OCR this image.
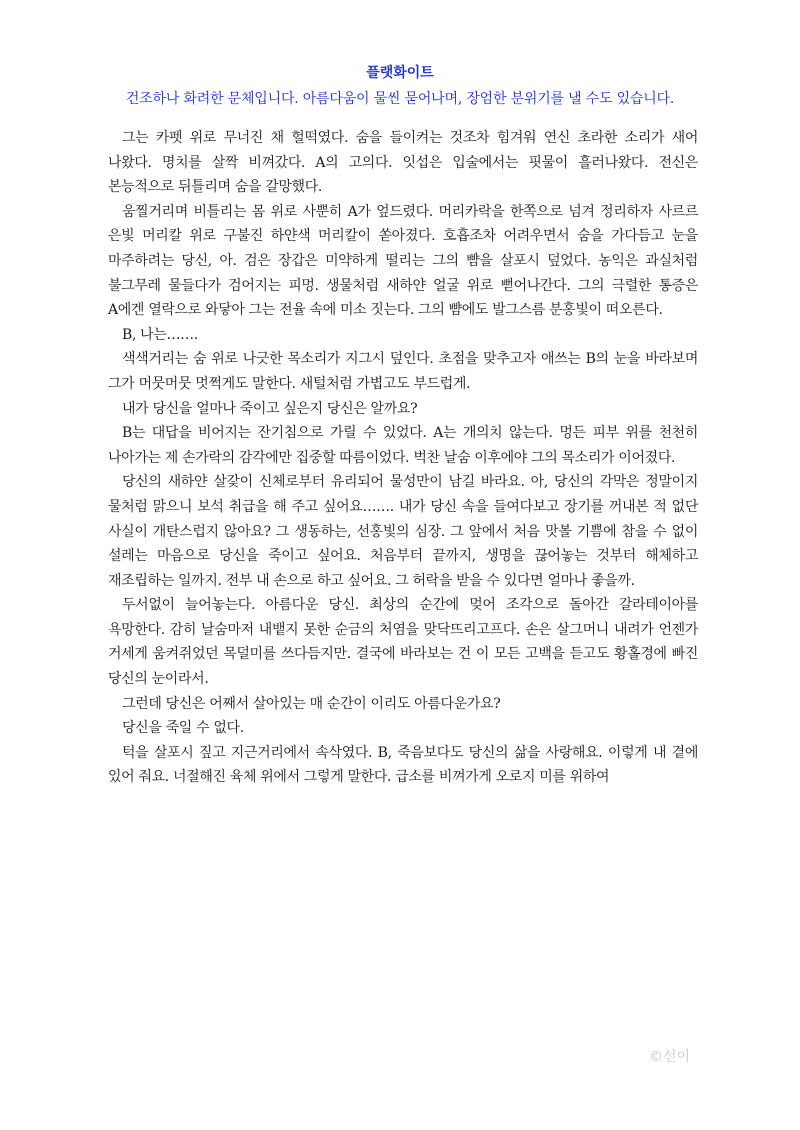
플랫화이트
건조하나 화려한 문체입니다. 아름다움이 물씬 묻어나며, 장엄한 분위기를 낼 수도 있습니다.

그는 카펫 위로 무너진 채 헐떡였다. 숨을 들이켜는 것조차 힘겨워 연신 초라한 소리가 새어 나왔다. 명치를 살짝 비껴갔다. A의 고의다. 잇섭은 입술에서는 핏물이 흘러나왔다. 전신은 본능적으로 뒤틀리며 숨을 갈망했다.

움찔거리며 비틀리는 몸 위로 사뿐히 A가 엎드렸다. 머리카락을 한쪽으로 넘겨 정리하자 사르르 은빛 머리칼 위로 구불진 하얀색 머리칼이 쏟아졌다. 호흡조차 어려우면서 숨을 가다듬고 눈을 마주하려는 당신, 아. 검은 장갑은 미약하게 떨리는 그의 뺨을 살포시 덮었다. 농익은 과실처럼 불그무레 물들다가 검어지는 피멍. 생물처럼 새하얀 얼굴 위로 뻗어나간다. 그의 극렬한 통증은 A에겐 열락으로 와닿아 그는 전율 속에 미소 짓는다. 그의 뺨에도 발그스름 분홍빛이 떠오른다.

B, 나는…….

색색거리는 숨 위로 나긋한 목소리가 지그시 덮인다. 초점을 맞추고자 애쓰는 B의 눈을 바라보며 그가 머뭇머뭇 멋쩍게도 말한다. 새털처럼 가볍고도 부드럽게.

내가 당신을 얼마나 죽이고 싶은지 당신은 알까요?

B는 대답을 비어지는 잔기침으로 가릴 수 있었다. A는 개의치 않는다. 멍든 피부 위를 천천히 나아가는 제 손가락의 감각에만 집중할 따름이었다. 벅찬 날숨 이후에야 그의 목소리가 이어졌다.

당신의 새하얀 살갗이 신체로부터 유리되어 물성만이 남길 바라요. 아, 당신의 각막은 정말이지 물처럼 맑으니 보석 취급을 해 주고 싶어요……. 내가 당신 속을 들여다보고 장기를 꺼내본 적 없단 사실이 개탄스럽지 않아요? 그 생동하는, 선홍빛의 심장. 그 앞에서 처음 맛볼 기쁨에 참을 수 없이 설레는 마음으로 당신을 죽이고 싶어요. 처음부터 끝까지, 생명을 끊어놓는 것부터 해체하고 재조립하는 일까지. 전부 내 손으로 하고 싶어요. 그 허락을 받을 수 있다면 얼마나 좋을까.

두서없이 늘어놓는다. 아름다운 당신. 최상의 순간에 멎어 조각으로 돌아간 갈라테이아를 욕망한다. 감히 날숨마저 내뱉지 못한 순금의 처염을 맞닥뜨리고프다. 손은 살그머니 내려가 언젠가 거세게 움켜쥐었던 목덜미를 쓰다듬지만. 결국에 바라보는 건 이 모든 고백을 듣고도 황홀경에 빠진 당신의 눈이라서.

그런데 당신은 어째서 살아있는 매 순간이 이리도 아름다운가요?

당신을 죽일 수 없다.

턱을 살포시 짚고 지근거리에서 속삭였다. B, 죽음보다도 당신의 삶을 사랑해요. 이렇게 내 곁에 있어 줘요. 너절해진 육체 위에서 그렇게 말한다. 급소를 비껴가게 오로지 미를 위하여

©선이
